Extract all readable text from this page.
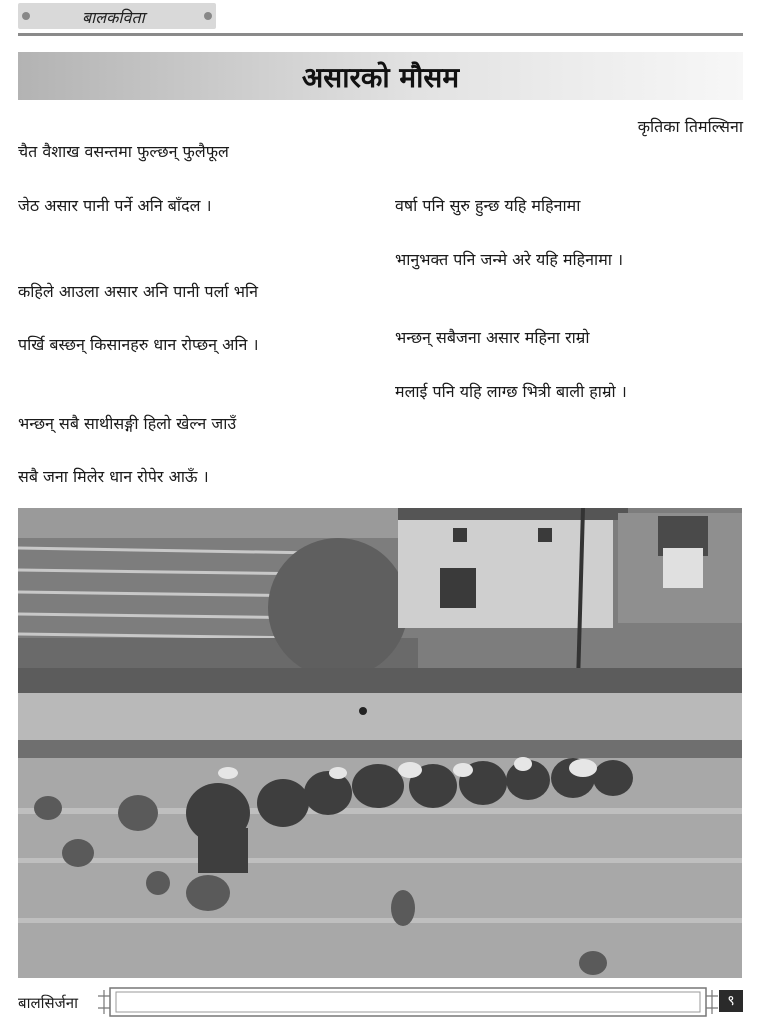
बालकविता
असारको मौसम
कृतिका तिमल्सिना
चैत वैशाख वसन्तमा फुल्छन् फुलैफूल
जेठ असार पानी पर्ने अनि बाँदल ।
कहिले आउला असार अनि पानी पर्ला भनि
पर्खि बस्छन् किसानहरु धान रोप्छन् अनि ।
भन्छन् सबै साथीसङ्गी हिलो खेल्न जाउँ
सबै जना मिलेर धान रोपेर आऊँ ।
वर्षा पनि सुरु हुन्छ यहि महिनामा
भानुभक्त पनि जन्मे अरे यहि महिनामा ।
भन्छन् सबैजना असार महिना राम्रो
मलाई पनि यहि लाग्छ भित्री बाली हाम्रो ।
बालसिर्जना	९
